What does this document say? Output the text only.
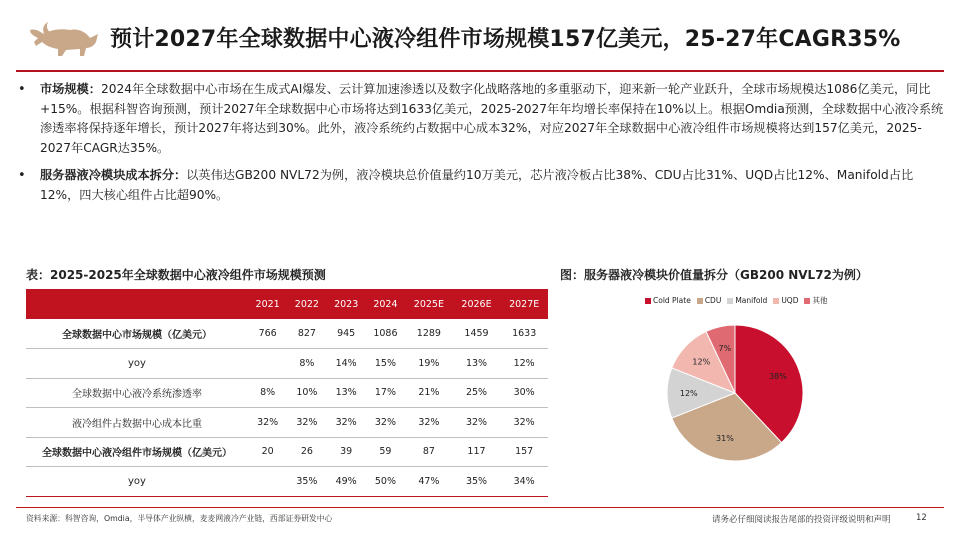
预计2027年全球数据中心液冷组件市场规模157亿美元，25-27年CAGR35%
• 市场规模：2024年全球数据中心市场在生成式AI爆发、云计算加速渗透以及数字化战略落地的多重驱动下，迎来新一轮产业跃升，全球市场规模达1086亿美元，同比+15%。根据科智咨询预测，预计2027年全球数据中心市场将达到1633亿美元，2025-2027年年均增长率保持在10%以上。根据Omdia预测，全球数据中心液冷系统渗透率将保持逐年增长，预计2027年将达到30%。此外，液冷系统约占数据中心成本32%，对应2027年全球数据中心液冷组件市场规模将达到157亿美元，2025-2027年CAGR达35%。
• 服务器液冷模块成本拆分：以英伟达GB200 NVL72为例，液冷模块总价值量约10万美元，芯片液冷板占比38%、CDU占比31%、UQD占比12%、Manifold占比12%，四大核心组件占比超90%。
表：2025-2025年全球数据中心液冷组件市场规模预测
	2021	2022	2023	2024	2025E	2026E	2027E
全球数据中心市场规模（亿美元）	766	827	945	1086	1289	1459	1633
yoy		8%	14%	15%	19%	13%	12%
全球数据中心液冷系统渗透率	8%	10%	13%	17%	21%	25%	30%
液冷组件占数据中心成本比重	32%	32%	32%	32%	32%	32%	32%
全球数据中心液冷组件市场规模（亿美元）	20	26	39	59	87	117	157
yoy		35%	49%	50%	47%	35%	34%
图：服务器液冷模块价值量拆分（GB200 NVL72为例）
Cold Plate CDU Manifold UQD 其他
38%
31%
12%
12%
7%
资料来源：科智咨询，Omdia，半导体产业纵横，麦麦网液冷产业链，西部证券研发中心	请务必仔细阅读报告尾部的投资评级说明和声明	12
